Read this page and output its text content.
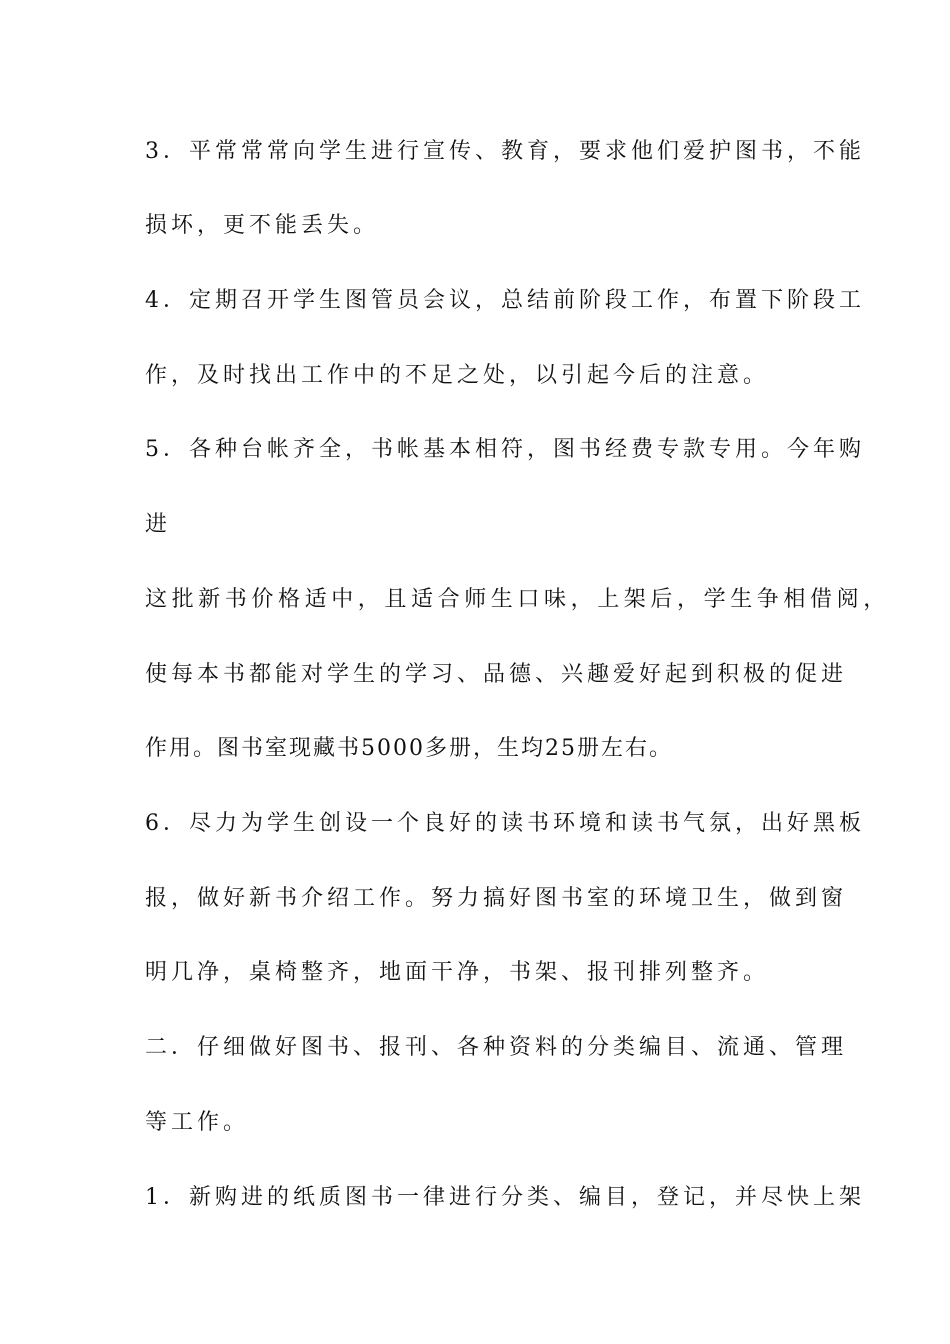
3．平常常常向学生进行宣传、教育，要求他们爱护图书，不能
损坏，更不能丢失。
4．定期召开学生图管员会议，总结前阶段工作，布置下阶段工
作，及时找出工作中的不足之处，以引起今后的注意。
5．各种台帐齐全，书帐基本相符，图书经费专款专用。今年购
进
这批新书价格适中，且适合师生口味，上架后，学生争相借阅，
使每本书都能对学生的学习、品德、兴趣爱好起到积极的促进
作用。图书室现藏书5000多册，生均25册左右。
6．尽力为学生创设一个良好的读书环境和读书气氛，出好黑板
报，做好新书介绍工作。努力搞好图书室的环境卫生，做到窗
明几净，桌椅整齐，地面干净，书架、报刊排列整齐。
二．仔细做好图书、报刊、各种资料的分类编目、流通、管理
等工作。
1．新购进的纸质图书一律进行分类、编目，登记，并尽快上架
